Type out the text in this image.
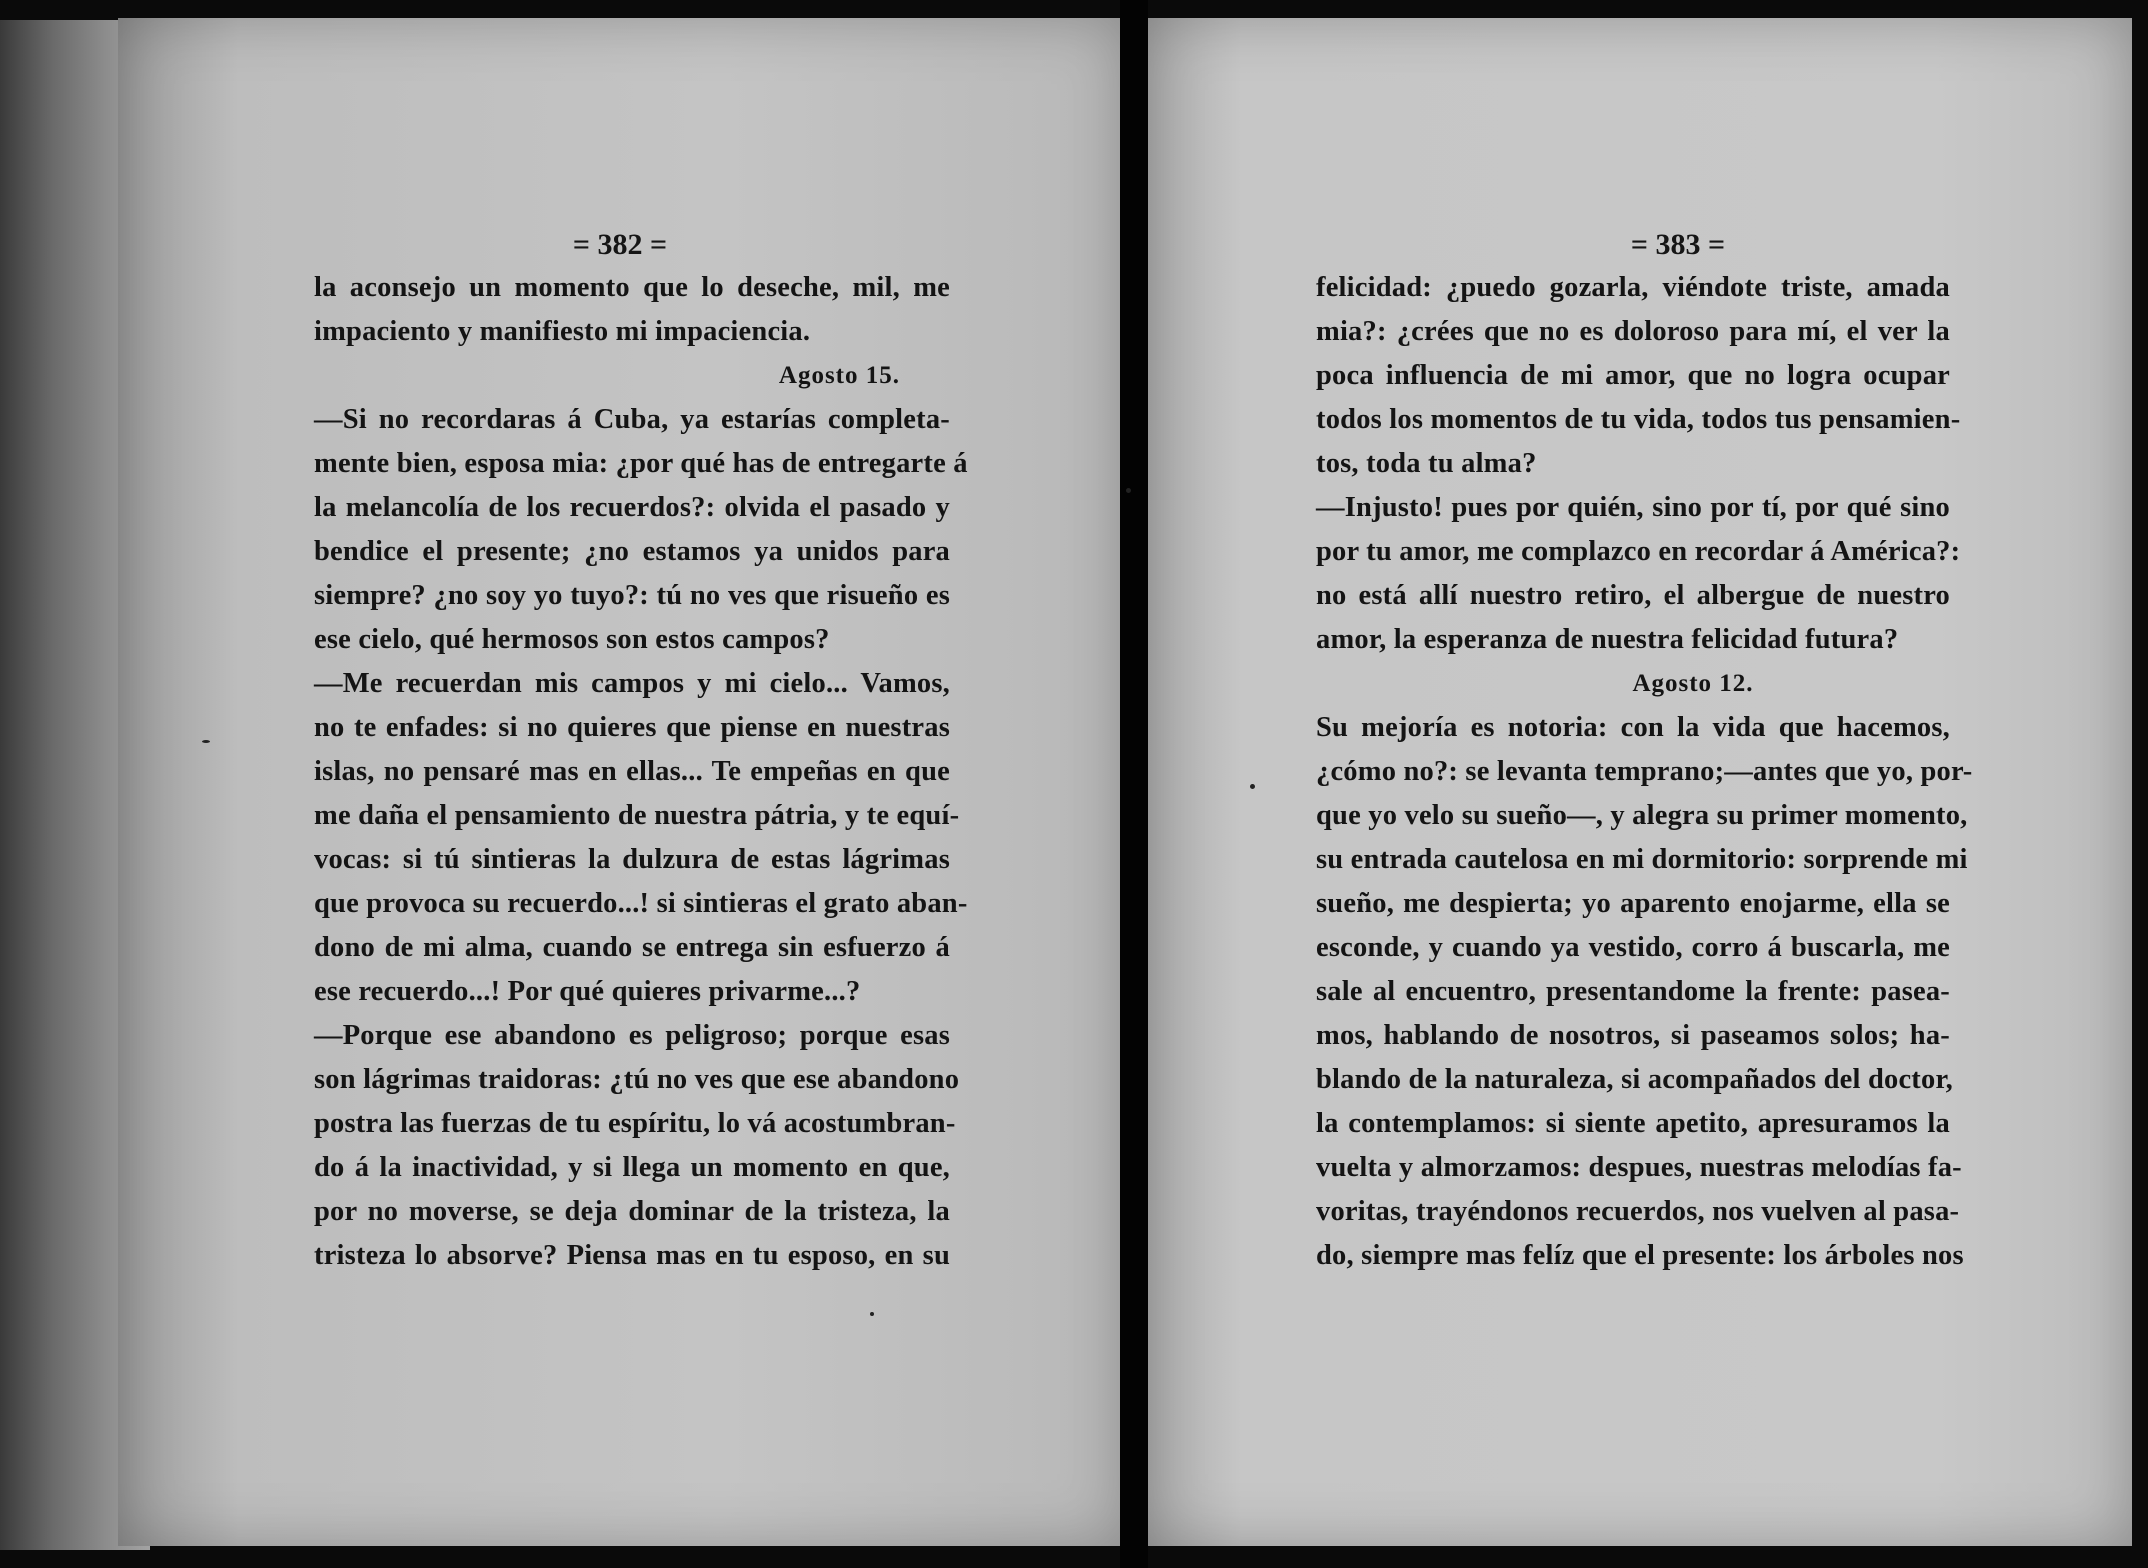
= 382 =
la aconsejo un momento que lo deseche, mil, me
impaciento y manifiesto mi impaciencia.
Agosto 15.
—Si no recordaras á Cuba, ya estarías completa-
mente bien, esposa mia: ¿por qué has de entregarte á
la melancolía de los recuerdos?: olvida el pasado y
bendice el presente; ¿no estamos ya unidos para
siempre? ¿no soy yo tuyo?: tú no ves que risueño es
ese cielo, qué hermosos son estos campos?
—Me recuerdan mis campos y mi cielo... Vamos,
no te enfades: si no quieres que piense en nuestras
islas, no pensaré mas en ellas... Te empeñas en que
me daña el pensamiento de nuestra pátria, y te equí-
vocas: si tú sintieras la dulzura de estas lágrimas
que provoca su recuerdo...! si sintieras el grato aban-
dono de mi alma, cuando se entrega sin esfuerzo á
ese recuerdo...! Por qué quieres privarme...?
—Porque ese abandono es peligroso; porque esas
son lágrimas traidoras: ¿tú no ves que ese abandono
postra las fuerzas de tu espíritu, lo vá acostumbran-
do á la inactividad, y si llega un momento en que,
por no moverse, se deja dominar de la tristeza, la
tristeza lo absorve? Piensa mas en tu esposo, en su
= 383 =
felicidad: ¿puedo gozarla, viéndote triste, amada
mia?: ¿crées que no es doloroso para mí, el ver la
poca influencia de mi amor, que no logra ocupar
todos los momentos de tu vida, todos tus pensamien-
tos, toda tu alma?
—Injusto! pues por quién, sino por tí, por qué sino
por tu amor, me complazco en recordar á América?:
no está allí nuestro retiro, el albergue de nuestro
amor, la esperanza de nuestra felicidad futura?
Agosto 12.
Su mejoría es notoria: con la vida que hacemos,
¿cómo no?: se levanta temprano;—antes que yo, por-
que yo velo su sueño—, y alegra su primer momento,
su entrada cautelosa en mi dormitorio: sorprende mi
sueño, me despierta; yo aparento enojarme, ella se
esconde, y cuando ya vestido, corro á buscarla, me
sale al encuentro, presentandome la frente: pasea-
mos, hablando de nosotros, si paseamos solos; ha-
blando de la naturaleza, si acompañados del doctor,
la contemplamos: si siente apetito, apresuramos la
vuelta y almorzamos: despues, nuestras melodías fa-
voritas, trayéndonos recuerdos, nos vuelven al pasa-
do, siempre mas felíz que el presente: los árboles nos
